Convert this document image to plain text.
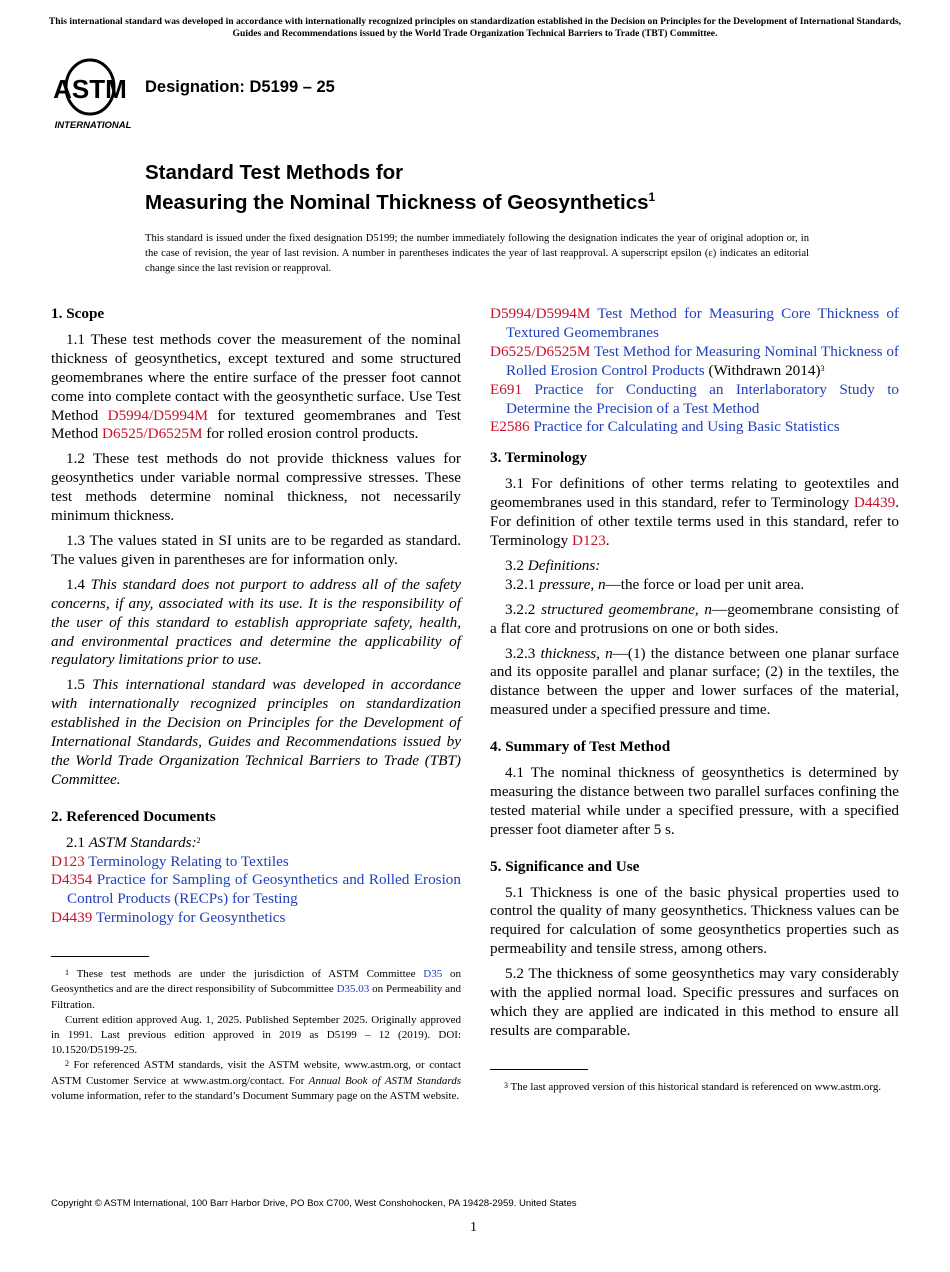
This international standard was developed in accordance with internationally recognized principles on standardization established in the Decision on Principles for the Development of International Standards, Guides and Recommendations issued by the World Trade Organization Technical Barriers to Trade (TBT) Committee.
ASTM
INTERNATIONAL
Designation: D5199 – 25
Standard Test Methods for
Measuring the Nominal Thickness of Geosynthetics$^1$
This standard is issued under the fixed designation D5199; the number immediately following the designation indicates the year of original adoption or, in the case of revision, the year of last revision. A number in parentheses indicates the year of last reapproval. A superscript epsilon (ε) indicates an editorial change since the last revision or reapproval.
1. Scope
1.1 These test methods cover the measurement of the nominal thickness of geosynthetics, except textured and some structured geomembranes where the entire surface of the presser foot cannot come into complete contact with the geosynthetic surface. Use Test Method D5994/D5994M for textured geomembranes and Test Method D6525/D6525M for rolled erosion control products.
1.2 These test methods do not provide thickness values for geosynthetics under variable normal compressive stresses. These test methods determine nominal thickness, not necessarily minimum thickness.
1.3 The values stated in SI units are to be regarded as standard. The values given in parentheses are for information only.
1.4 This standard does not purport to address all of the safety concerns, if any, associated with its use. It is the responsibility of the user of this standard to establish appropriate safety, health, and environmental practices and determine the applicability of regulatory limitations prior to use.
1.5 This international standard was developed in accordance with internationally recognized principles on standardization established in the Decision on Principles for the Development of International Standards, Guides and Recommendations issued by the World Trade Organization Technical Barriers to Trade (TBT) Committee.
2. Referenced Documents
2.1 ASTM Standards:$^2$
D123 Terminology Relating to Textiles
D4354 Practice for Sampling of Geosynthetics and Rolled Erosion Control Products (RECPs) for Testing
D4439 Terminology for Geosynthetics

$^1$ These test methods are under the jurisdiction of ASTM Committee D35 on Geosynthetics and are the direct responsibility of Subcommittee D35.03 on Permeability and Filtration.

Current edition approved Aug. 1, 2025. Published September 2025. Originally approved in 1991. Last previous edition approved in 2019 as D5199 – 12 (2019). DOI: 10.1520/D5199-25.

$^2$ For referenced ASTM standards, visit the ASTM website, www.astm.org, or contact ASTM Customer Service at www.astm.org/contact. For Annual Book of ASTM Standards volume information, refer to the standard’s Document Summary page on the ASTM website.

D5994/D5994M Test Method for Measuring Core Thickness of Textured Geomembranes
D6525/D6525M Test Method for Measuring Nominal Thickness of Rolled Erosion Control Products (Withdrawn 2014)$^3$
E691 Practice for Conducting an Interlaboratory Study to Determine the Precision of a Test Method
E2586 Practice for Calculating and Using Basic Statistics
3. Terminology
3.1 For definitions of other terms relating to geotextiles and geomembranes used in this standard, refer to Terminology D4439. For definition of other textile terms used in this standard, refer to Terminology D123.
3.2 Definitions:
3.2.1 pressure, n—the force or load per unit area.
3.2.2 structured geomembrane, n—geomembrane consisting of a flat core and protrusions on one or both sides.
3.2.3 thickness, n—(1) the distance between one planar surface and its opposite parallel and planar surface; (2) in the textiles, the distance between the upper and lower surfaces of the material, measured under a specified pressure and time.
4. Summary of Test Method
4.1 The nominal thickness of geosynthetics is determined by measuring the distance between two parallel surfaces confining the tested material while under a specified pressure, with a specified presser foot diameter after 5 s.
5. Significance and Use
5.1 Thickness is one of the basic physical properties used to control the quality of many geosynthetics. Thickness values can be required for calculation of some geosynthetics properties such as permeability and tensile stress, among others.
5.2 The thickness of some geosynthetics may vary considerably with the applied normal load. Specific pressures and surfaces on which they are applied are indicated in this method to ensure all results are comparable.

$^3$ The last approved version of this historical standard is referenced on www.astm.org.

Copyright © ASTM International, 100 Barr Harbor Drive, PO Box C700, West Conshohocken, PA 19428-2959. United States
1
